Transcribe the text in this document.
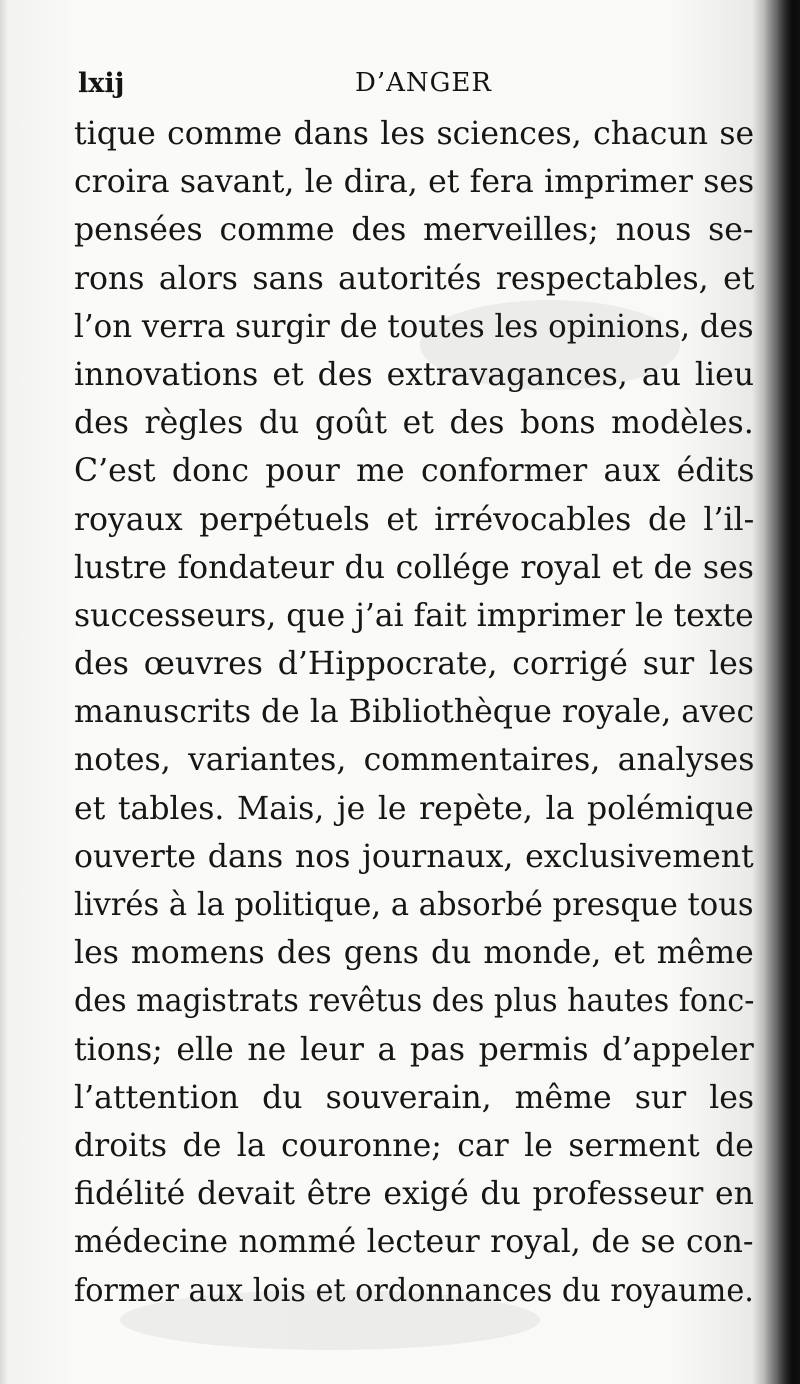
lxij	D’ANGER
tique comme dans les sciences, chacun se
croira savant, le dira, et fera imprimer ses
pensées comme des merveilles; nous se-
rons alors sans autorités respectables, et
l’on verra surgir de toutes les opinions, des
innovations et des extravagances, au lieu
des règles du goût et des bons modèles.
C’est donc pour me conformer aux édits
royaux perpétuels et irrévocables de l’il-
lustre fondateur du collége royal et de ses
successeurs, que j’ai fait imprimer le texte
des œuvres d’Hippocrate, corrigé sur les
manuscrits de la Bibliothèque royale, avec
notes, variantes, commentaires, analyses
et tables. Mais, je le repète, la polémique
ouverte dans nos journaux, exclusivement
livrés à la politique, a absorbé presque tous
les momens des gens du monde, et même
des magistrats revêtus des plus hautes fonc-
tions; elle ne leur a pas permis d’appeler
l’attention du souverain, même sur les
droits de la couronne; car le serment de
fidélité devait être exigé du professeur en
médecine nommé lecteur royal, de se con-
former aux lois et ordonnances du royaume.
